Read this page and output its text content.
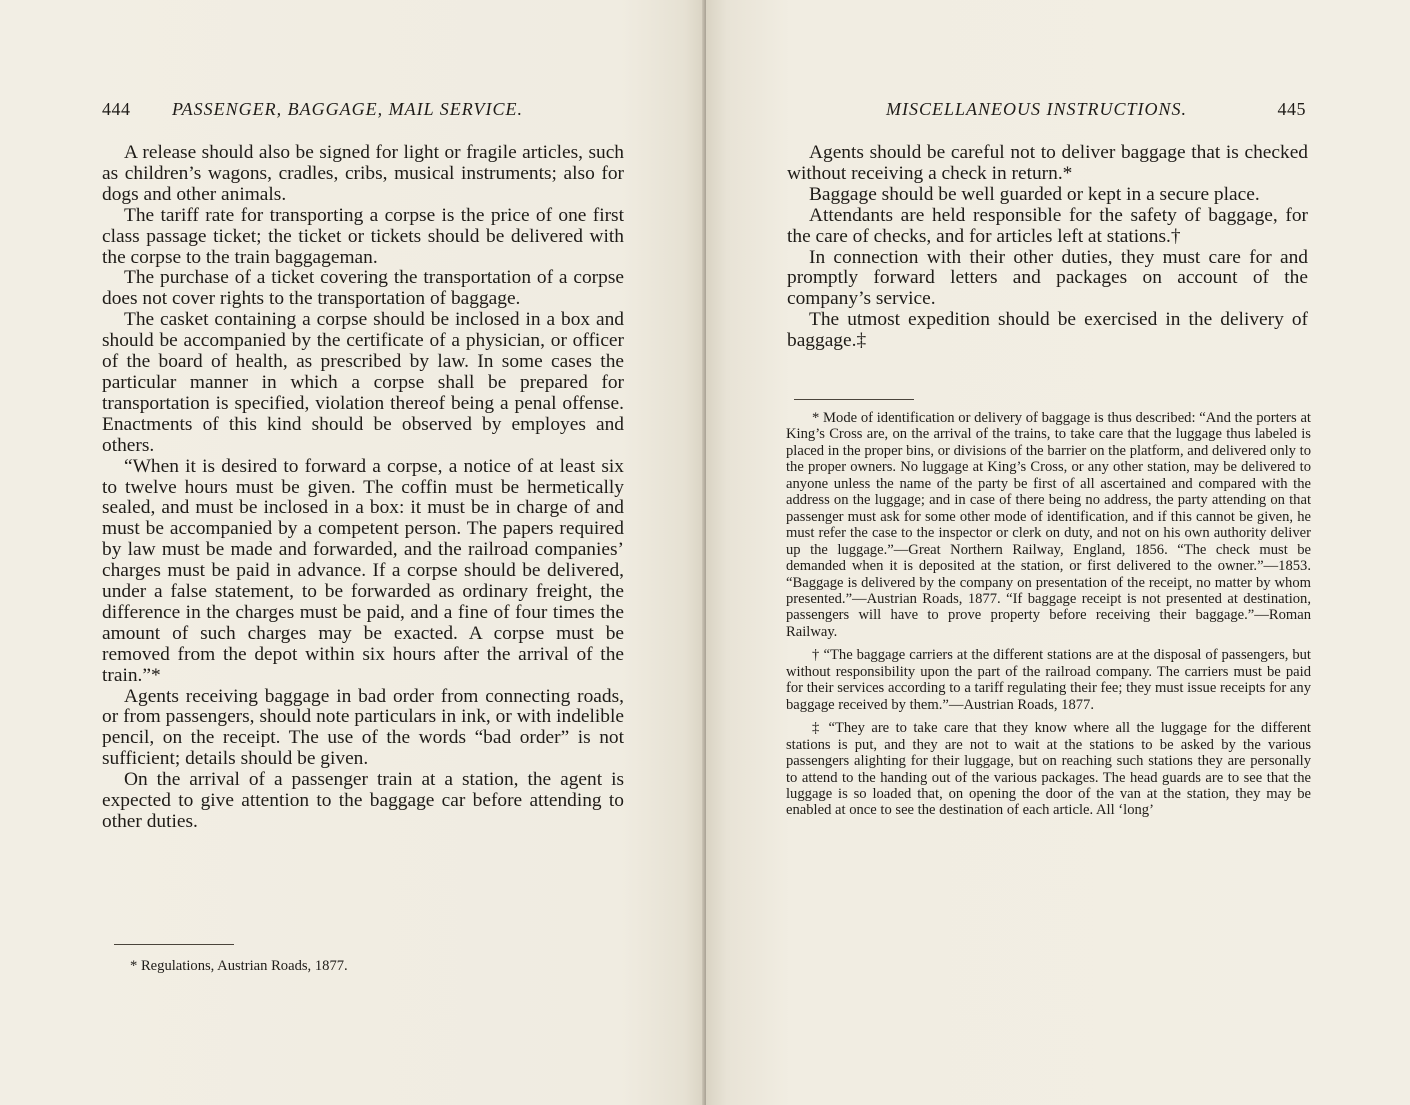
444 PASSENGER, BAGGAGE, MAIL SERVICE.

A release should also be signed for light or fragile articles, such as children’s wagons, cradles, cribs, musical instruments; also for dogs and other animals.

The tariff rate for transporting a corpse is the price of one first class passage ticket; the ticket or tickets should be delivered with the corpse to the train baggageman.

The purchase of a ticket covering the transportation of a corpse does not cover rights to the transportation of baggage.

The casket containing a corpse should be inclosed in a box and should be accompanied by the certificate of a physician, or officer of the board of health, as prescribed by law. In some cases the particular manner in which a corpse shall be prepared for transportation is specified, violation thereof being a penal offense. Enactments of this kind should be observed by employes and others.

“When it is desired to forward a corpse, a notice of at least six to twelve hours must be given. The coffin must be hermetically sealed, and must be inclosed in a box: it must be in charge of and must be accompanied by a competent person. The papers required by law must be made and forwarded, and the railroad companies’ charges must be paid in advance. If a corpse should be delivered, under a false statement, to be forwarded as ordinary freight, the difference in the charges must be paid, and a fine of four times the amount of such charges may be exacted. A corpse must be removed from the depot within six hours after the arrival of the train.”*

Agents receiving baggage in bad order from connecting roads, or from passengers, should note particulars in ink, or with indelible pencil, on the receipt. The use of the words “bad order” is not sufficient; details should be given.

On the arrival of a passenger train at a station, the agent is expected to give attention to the baggage car before attending to other duties.

* Regulations, Austrian Roads, 1877.

MISCELLANEOUS INSTRUCTIONS.	445

Agents should be careful not to deliver baggage that is checked without receiving a check in return.*

Baggage should be well guarded or kept in a secure place.

Attendants are held responsible for the safety of baggage, for the care of checks, and for articles left at stations.†

In connection with their other duties, they must care for and promptly forward letters and packages on account of the company’s service.

The utmost expedition should be exercised in the delivery of baggage.‡

* Mode of identification or delivery of baggage is thus described: “And the porters at King’s Cross are, on the arrival of the trains, to take care that the luggage thus labeled is placed in the proper bins, or divisions of the barrier on the platform, and delivered only to the proper owners. No luggage at King’s Cross, or any other station, may be delivered to anyone unless the name of the party be first of all ascertained and compared with the address on the luggage; and in case of there being no address, the party attending on that passenger must ask for some other mode of identification, and if this cannot be given, he must refer the case to the inspector or clerk on duty, and not on his own authority deliver up the luggage.”—Great Northern Railway, England, 1856. “The check must be demanded when it is deposited at the station, or first delivered to the owner.”—1853. “Baggage is delivered by the company on presentation of the receipt, no matter by whom presented.”—Austrian Roads, 1877. “If baggage receipt is not presented at destination, passengers will have to prove property before receiving their baggage.”—Roman Railway.

† “The baggage carriers at the different stations are at the disposal of passengers, but without responsibility upon the part of the railroad company. The carriers must be paid for their services according to a tariff regulating their fee; they must issue receipts for any baggage received by them.”—Austrian Roads, 1877.

‡ “They are to take care that they know where all the luggage for the different stations is put, and they are not to wait at the stations to be asked by the various passengers alighting for their luggage, but on reaching such stations they are personally to attend to the handing out of the various packages. The head guards are to see that the luggage is so loaded that, on opening the door of the van at the station, they may be enabled at once to see the destination of each article. All ‘long’
